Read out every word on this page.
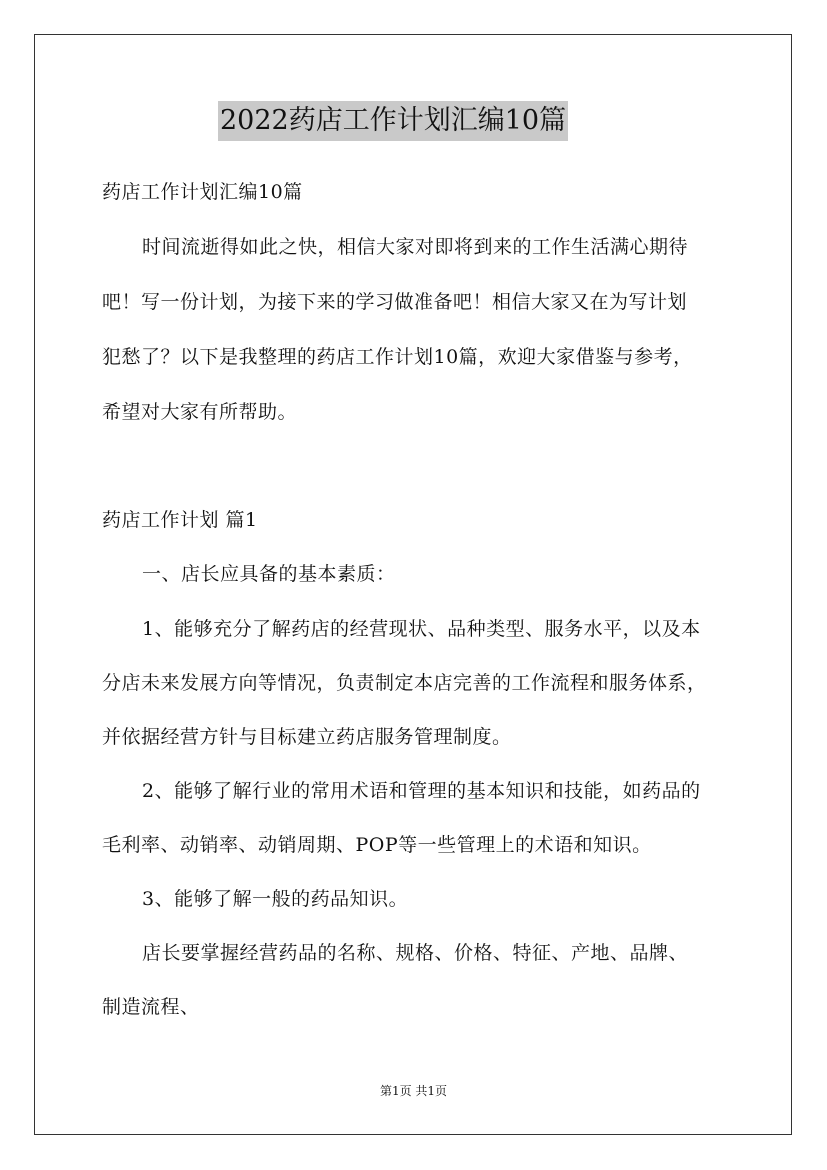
2022药店工作计划汇编10篇
药店工作计划汇编10篇
时间流逝得如此之快，相信大家对即将到来的工作生活满心期待
吧！写一份计划，为接下来的学习做准备吧！相信大家又在为写计划
犯愁了？以下是我整理的药店工作计划10篇，欢迎大家借鉴与参考，
希望对大家有所帮助。
药店工作计划 篇1
一、店长应具备的基本素质：
1、能够充分了解药店的经营现状、品种类型、服务水平，以及本
分店未来发展方向等情况，负责制定本店完善的工作流程和服务体系，
并依据经营方针与目标建立药店服务管理制度。
2、能够了解行业的常用术语和管理的基本知识和技能，如药品的
毛利率、动销率、动销周期、POP等一些管理上的术语和知识。
3、能够了解一般的药品知识。
店长要掌握经营药品的名称、规格、价格、特征、产地、品牌、
制造流程、
第1页 共1页
